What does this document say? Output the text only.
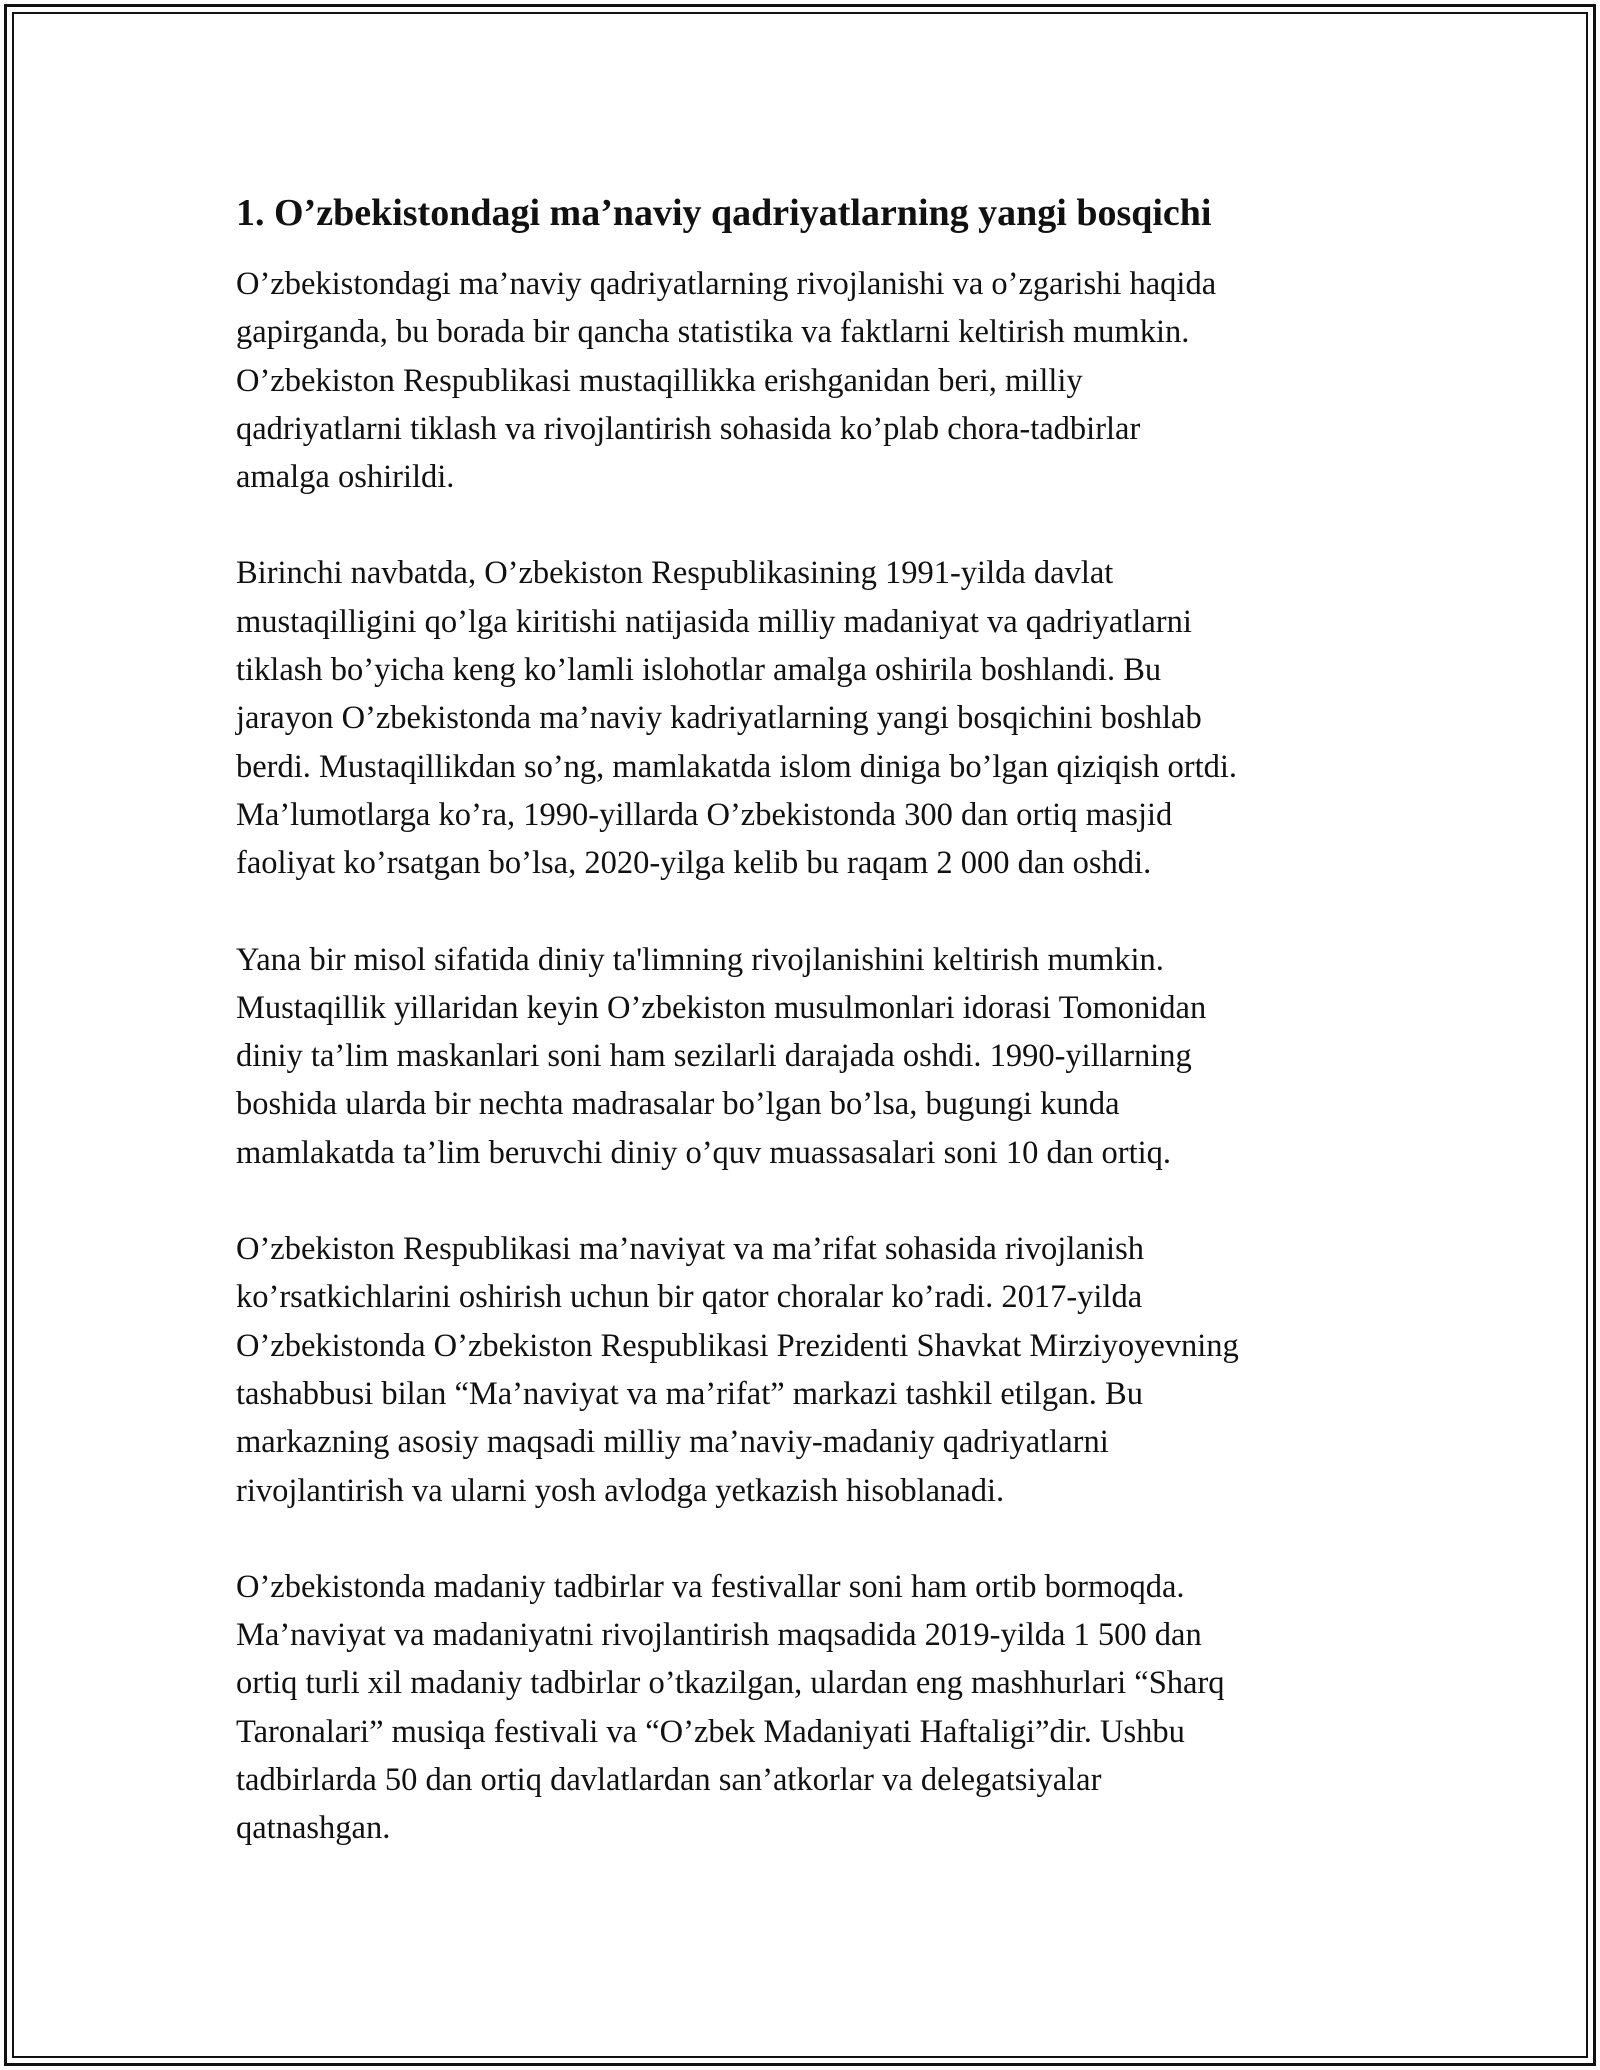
1. O’zbekistondagi ma’naviy qadriyatlarning yangi bosqichi

O’zbekistondagi ma’naviy qadriyatlarning rivojlanishi va o’zgarishi haqida
gapirganda, bu borada bir qancha statistika va faktlarni keltirish mumkin.
O’zbekiston Respublikasi mustaqillikka erishganidan beri, milliy
qadriyatlarni tiklash va rivojlantirish sohasida ko’plab chora-tadbirlar
amalga oshirildi.

Birinchi navbatda, O’zbekiston Respublikasining 1991-yilda davlat
mustaqilligini qo’lga kiritishi natijasida milliy madaniyat va qadriyatlarni
tiklash bo’yicha keng ko’lamli islohotlar amalga oshirila boshlandi. Bu
jarayon O’zbekistonda ma’naviy kadriyatlarning yangi bosqichini boshlab
berdi. Mustaqillikdan so’ng, mamlakatda islom diniga bo’lgan qiziqish ortdi.
Ma’lumotlarga ko’ra, 1990-yillarda O’zbekistonda 300 dan ortiq masjid
faoliyat ko’rsatgan bo’lsa, 2020-yilga kelib bu raqam 2 000 dan oshdi.

Yana bir misol sifatida diniy ta'limning rivojlanishini keltirish mumkin.
Mustaqillik yillaridan keyin O’zbekiston musulmonlari idorasi Tomonidan
diniy ta’lim maskanlari soni ham sezilarli darajada oshdi. 1990-yillarning
boshida ularda bir nechta madrasalar bo’lgan bo’lsa, bugungi kunda
mamlakatda ta’lim beruvchi diniy o’quv muassasalari soni 10 dan ortiq.

O’zbekiston Respublikasi ma’naviyat va ma’rifat sohasida rivojlanish
ko’rsatkichlarini oshirish uchun bir qator choralar ko’radi. 2017-yilda
O’zbekistonda O’zbekiston Respublikasi Prezidenti Shavkat Mirziyoyevning
tashabbusi bilan “Ma’naviyat va ma’rifat” markazi tashkil etilgan. Bu
markazning asosiy maqsadi milliy ma’naviy-madaniy qadriyatlarni
rivojlantirish va ularni yosh avlodga yetkazish hisoblanadi.

O’zbekistonda madaniy tadbirlar va festivallar soni ham ortib bormoqda.
Ma’naviyat va madaniyatni rivojlantirish maqsadida 2019-yilda 1 500 dan
ortiq turli xil madaniy tadbirlar o’tkazilgan, ulardan eng mashhurlari “Sharq
Taronalari” musiqa festivali va “O’zbek Madaniyati Haftaligi”dir. Ushbu
tadbirlarda 50 dan ortiq davlatlardan san’atkorlar va delegatsiyalar
qatnashgan.
